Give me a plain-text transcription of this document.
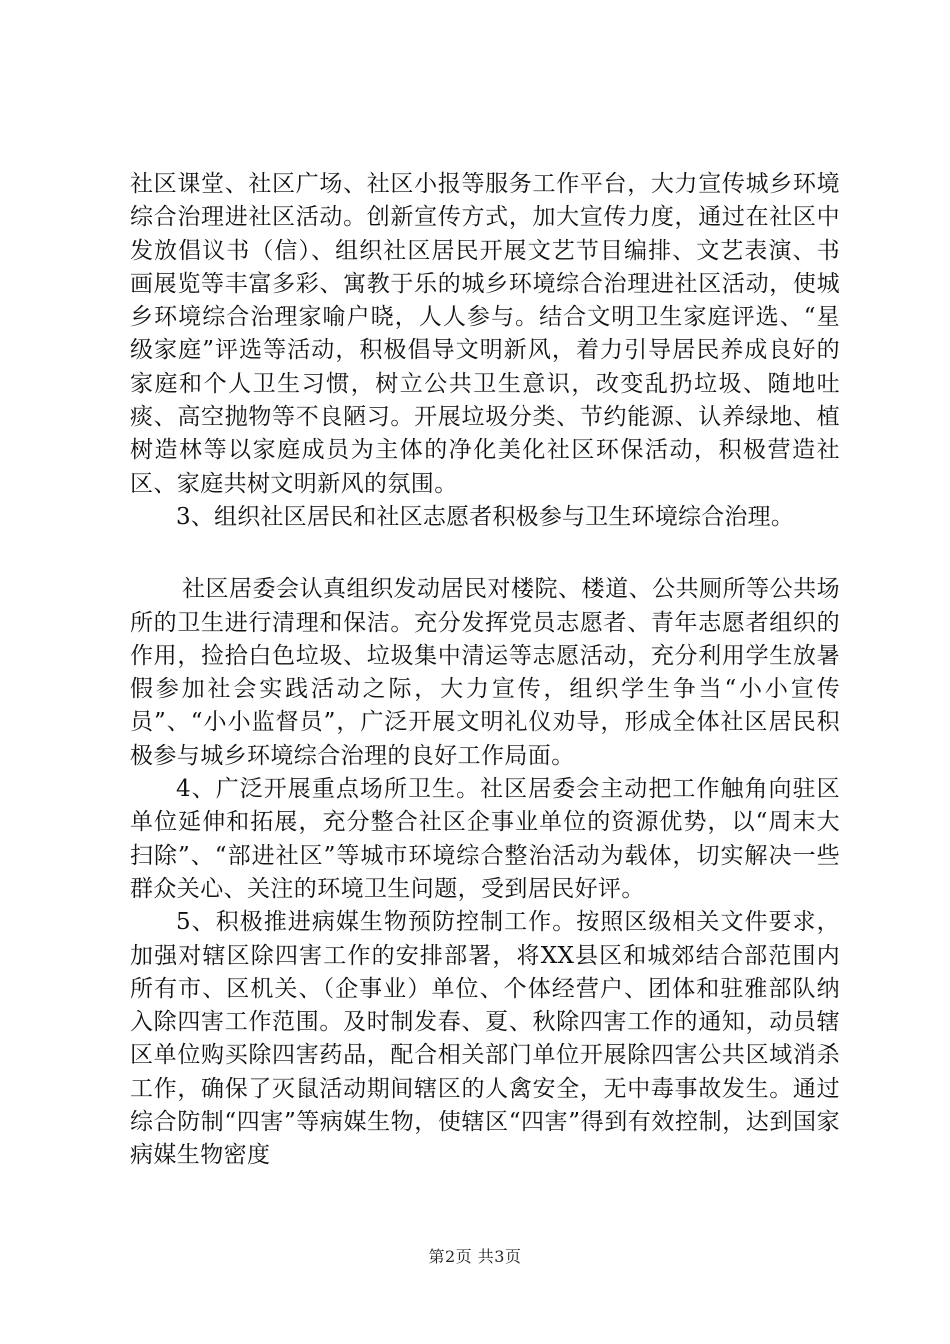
社区课堂、社区广场、社区小报等服务工作平台，大力宣传城乡环境综合治理进社区活动。创新宣传方式，加大宣传力度，通过在社区中发放倡议书（信）、组织社区居民开展文艺节目编排、文艺表演、书画展览等丰富多彩、寓教于乐的城乡环境综合治理进社区活动，使城乡环境综合治理家喻户晓，人人参与。结合文明卫生家庭评选、“星级家庭”评选等活动，积极倡导文明新风，着力引导居民养成良好的家庭和个人卫生习惯，树立公共卫生意识，改变乱扔垃圾、随地吐痰、高空抛物等不良陋习。开展垃圾分类、节约能源、认养绿地、植树造林等以家庭成员为主体的净化美化社区环保活动，积极营造社区、家庭共树文明新风的氛围。

3、组织社区居民和社区志愿者积极参与卫生环境综合治理。

社区居委会认真组织发动居民对楼院、楼道、公共厕所等公共场所的卫生进行清理和保洁。充分发挥党员志愿者、青年志愿者组织的作用，捡拾白色垃圾、垃圾集中清运等志愿活动，充分利用学生放暑假参加社会实践活动之际，大力宣传，组织学生争当“小小宣传员”、“小小监督员”，广泛开展文明礼仪劝导，形成全体社区居民积极参与城乡环境综合治理的良好工作局面。

4、广泛开展重点场所卫生。社区居委会主动把工作触角向驻区单位延伸和拓展，充分整合社区企事业单位的资源优势，以“周末大扫除”、“部进社区”等城市环境综合整治活动为载体，切实解决一些群众关心、关注的环境卫生问题，受到居民好评。

5、积极推进病媒生物预防控制工作。按照区级相关文件要求，加强对辖区除四害工作的安排部署，将XX县区和城郊结合部范围内所有市、区机关、（企事业）单位、个体经营户、团体和驻雅部队纳入除四害工作范围。及时制发春、夏、秋除四害工作的通知，动员辖区单位购买除四害药品，配合相关部门单位开展除四害公共区域消杀工作，确保了灭鼠活动期间辖区的人禽安全，无中毒事故发生。通过综合防制“四害”等病媒生物，使辖区“四害”得到有效控制，达到国家病媒生物密度

第2页 共3页
